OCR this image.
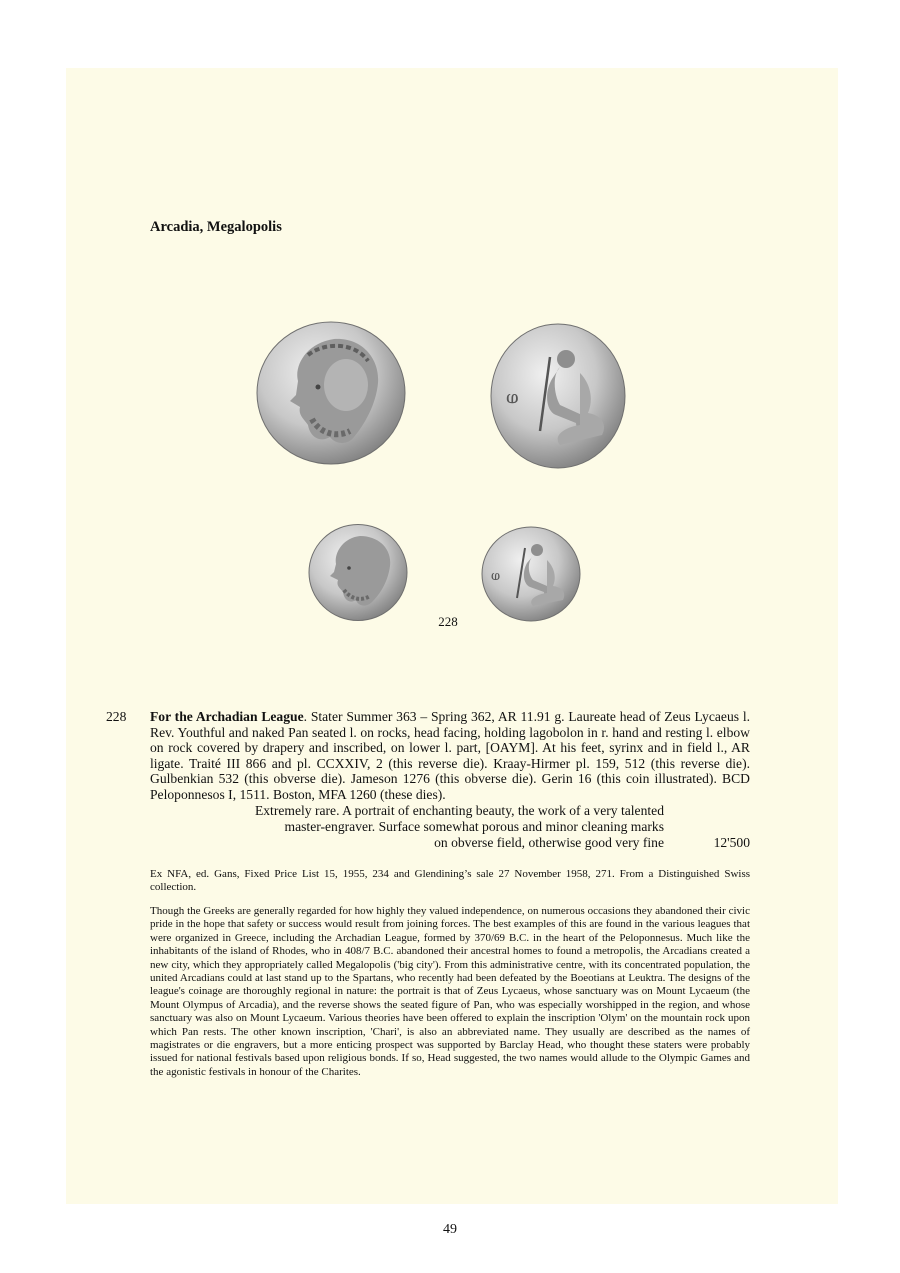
Arcadia, Megalopolis
ⱷ
ⱷ
228
228 For the Archadian League. Stater Summer 363 – Spring 362, AR 11.91 g. Laureate head of Zeus Lycaeus l. Rev. Youthful and naked Pan seated l. on rocks, head facing, holding lagobolon in r. hand and resting l. elbow on rock covered by drapery and inscribed, on lower l. part, [OAYM]. At his feet, syrinx and in field l., AR ligate. Traité III 866 and pl. CCXXIV, 2 (this reverse die). Kraay-Hirmer pl. 159, 512 (this reverse die). Gulbenkian 532 (this obverse die). Jameson 1276 (this obverse die). Gerin 16 (this coin illustrated). BCD Peloponnesos I, 1511. Boston, MFA 1260 (these dies).
Extremely rare. A portrait of enchanting beauty, the work of a very talented
master-engraver. Surface somewhat porous and minor cleaning marks
on obverse field, otherwise good very fine	12'500
Ex NFA, ed. Gans, Fixed Price List 15, 1955, 234 and Glendining’s sale 27 November 1958, 271. From a Distinguished Swiss collection.
Though the Greeks are generally regarded for how highly they valued independence, on numerous occasions they abandoned their civic pride in the hope that safety or success would result from joining forces. The best examples of this are found in the various leagues that were organized in Greece, including the Archadian League, formed by 370/69 B.C. in the heart of the Peloponnesus. Much like the inhabitants of the island of Rhodes, who in 408/7 B.C. abandoned their ancestral homes to found a metropolis, the Arcadians created a new city, which they appropriately called Megalopolis ('big city'). From this administrative centre, with its concentrated population, the united Arcadians could at last stand up to the Spartans, who recently had been defeated by the Boeotians at Leuktra. The designs of the league's coinage are thoroughly regional in nature: the portrait is that of Zeus Lycaeus, whose sanctuary was on Mount Lycaeum (the Mount Olympus of Arcadia), and the reverse shows the seated figure of Pan, who was especially worshipped in the region, and whose sanctuary was also on Mount Lycaeum. Various theories have been offered to explain the inscription 'Olym' on the mountain rock upon which Pan rests. The other known inscription, 'Chari', is also an abbreviated name. They usually are described as the names of magistrates or die engravers, but a more enticing prospect was supported by Barclay Head, who thought these staters were probably issued for national festivals based upon religious bonds. If so, Head suggested, the two names would allude to the Olympic Games and the agonistic festivals in honour of the Charites.
49
